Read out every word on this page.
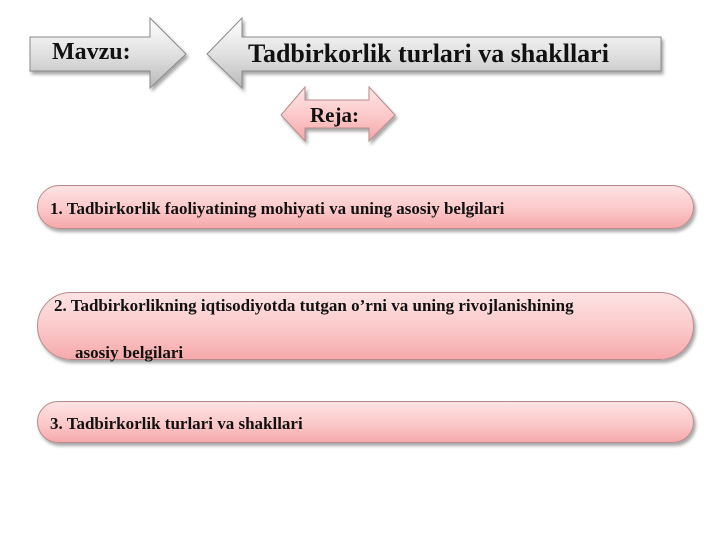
Mavzu:	Tadbirkorlik turlari va shakllari
Reja:
1. Tadbirkorlik faoliyatining mohiyati va uning asosiy belgilari
2. Tadbirkorlikning iqtisodiyotda tutgan o’rni va uning rivojlanishining
asosiy belgilari
3. Tadbirkorlik turlari va shakllari
